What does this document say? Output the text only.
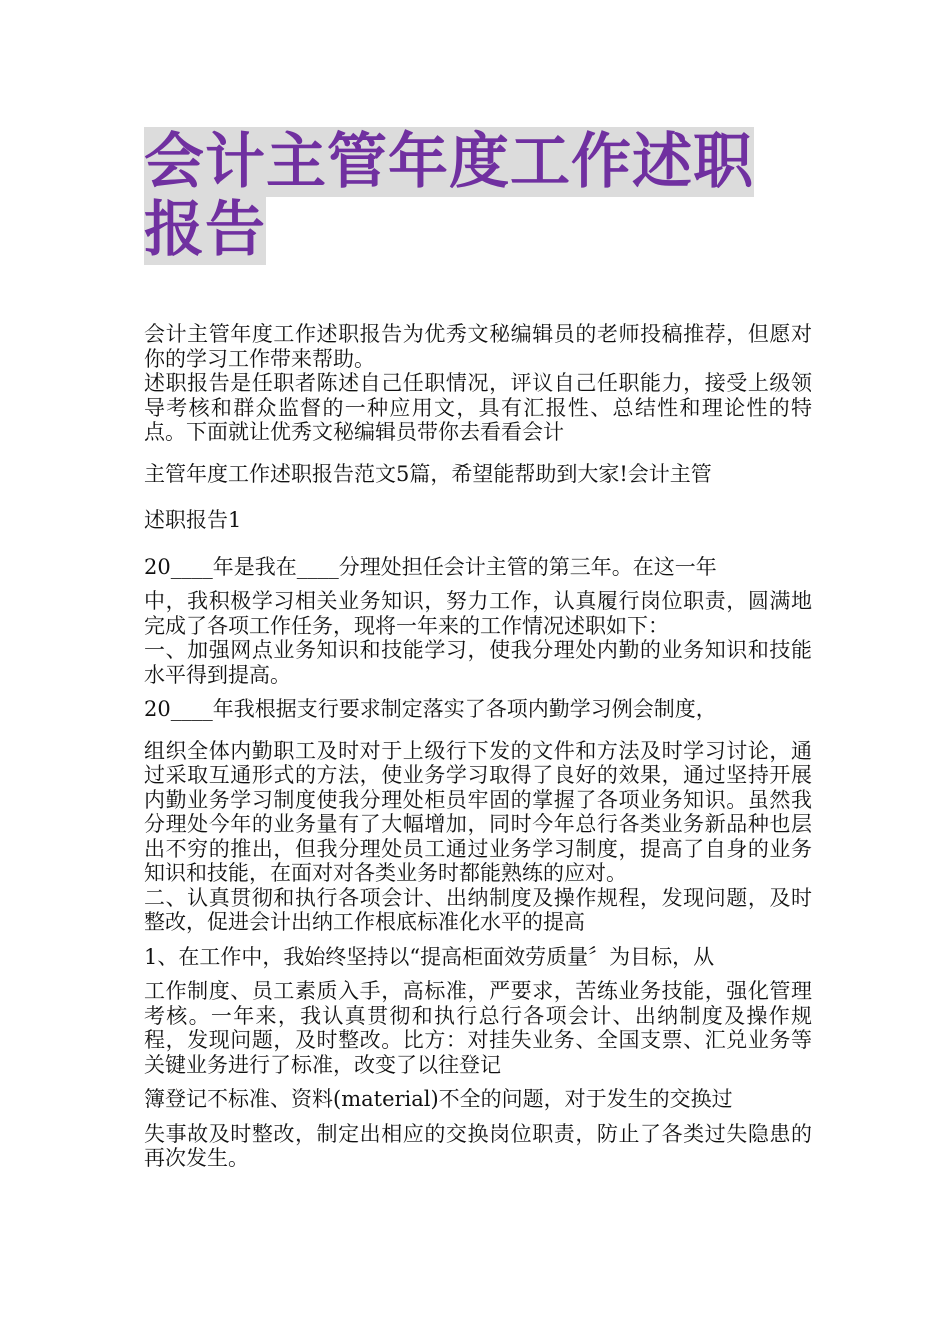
会计主管年度工作述职报告

会计主管年度工作述职报告为优秀文秘编辑员的老师投稿推荐，但愿对你的学习工作带来帮助。

述职报告是任职者陈述自己任职情况，评议自己任职能力，接受上级领导考核和群众监督的一种应用文，具有汇报性、总结性和理论性的特点。下面就让优秀文秘编辑员带你去看看会计

主管年度工作述职报告范文5篇，希望能帮助到大家!会计主管

述职报告1

20____年是我在____分理处担任会计主管的第三年。在这一年

中，我积极学习相关业务知识，努力工作，认真履行岗位职责，圆满地完成了各项工作任务，现将一年来的工作情况述职如下：

一、加强网点业务知识和技能学习，使我分理处内勤的业务知识和技能水平得到提高。

20____年我根据支行要求制定落实了各项内勤学习例会制度，

组织全体内勤职工及时对于上级行下发的文件和方法及时学习讨论，通过采取互通形式的方法，使业务学习取得了良好的效果，通过坚持开展内勤业务学习制度使我分理处柜员牢固的掌握了各项业务知识。虽然我分理处今年的业务量有了大幅增加，同时今年总行各类业务新品种也层出不穷的推出，但我分理处员工通过业务学习制度，提高了自身的业务知识和技能，在面对对各类业务时都能熟练的应对。

二、认真贯彻和执行各项会计、出纳制度及操作规程，发现问题，及时整改，促进会计出纳工作根底标准化水平的提高

1、在工作中，我始终坚持以“提高柜面效劳质量〞为目标，从

工作制度、员工素质入手，高标准，严要求，苦练业务技能，强化管理考核。一年来，我认真贯彻和执行总行各项会计、出纳制度及操作规程，发现问题，及时整改。比方：对挂失业务、全国支票、汇兑业务等关键业务进行了标准，改变了以往登记

簿登记不标准、资料(material)不全的问题，对于发生的交换过

失事故及时整改，制定出相应的交换岗位职责，防止了各类过失隐患的再次发生。
